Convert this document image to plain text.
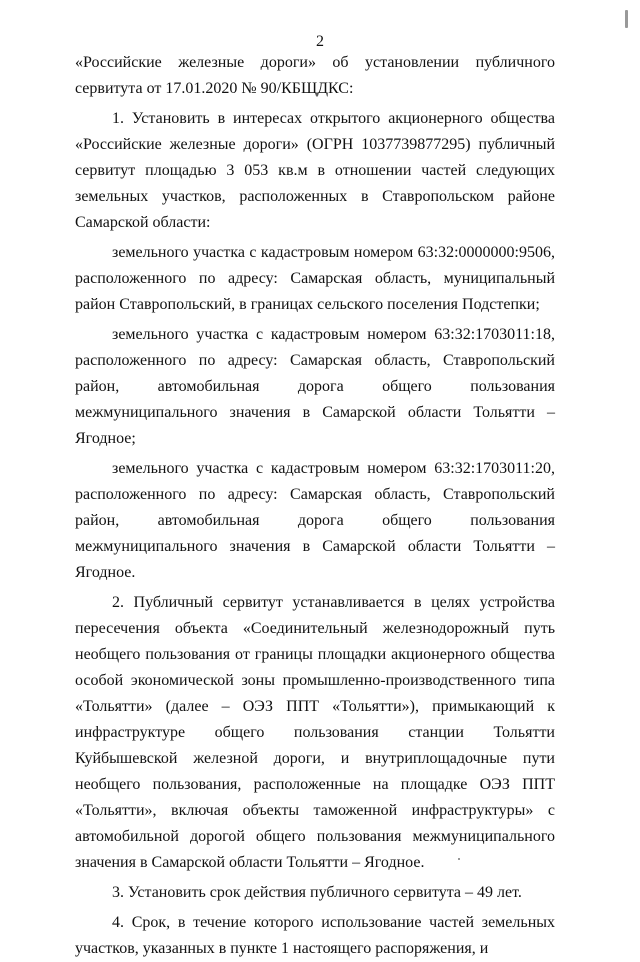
2

«Российские железные дороги» об установлении публичного сервитута от 17.01.2020 № 90/КБЩДКС:

1. Установить в интересах открытого акционерного общества «Российские железные дороги» (ОГРН 1037739877295) публичный сервитут площадью 3 053 кв.м в отношении частей следующих земельных участков, расположенных в Ставропольском районе Самарской области:

земельного участка с кадастровым номером 63:32:0000000:9506, расположенного по адресу: Самарская область, муниципальный район Ставропольский, в границах сельского поселения Подстепки;

земельного участка с кадастровым номером 63:32:1703011:18, расположенного по адресу: Самарская область, Ставропольский район, автомобильная дорога общего пользования межмуниципального значения в Самарской области Тольятти – Ягодное;

земельного участка с кадастровым номером 63:32:1703011:20, расположенного по адресу: Самарская область, Ставропольский район, автомобильная дорога общего пользования межмуниципального значения в Самарской области Тольятти – Ягодное.

2. Публичный сервитут устанавливается в целях устройства пересечения объекта «Соединительный железнодорожный путь необщего пользования от границы площадки акционерного общества особой экономической зоны промышленно-производственного типа «Тольятти» (далее – ОЭЗ ППТ «Тольятти»), примыкающий к инфраструктуре общего пользования станции Тольятти Куйбышевской железной дороги, и внутриплощадочные пути необщего пользования, расположенные на площадке ОЭЗ ППТ «Тольятти», включая объекты таможенной инфраструктуры» с автомобильной дорогой общего пользования межмуниципального значения в Самарской области Тольятти – Ягодное.

3. Установить срок действия публичного сервитута – 49 лет.

4. Срок, в течение которого использование частей земельных участков, указанных в пункте 1 настоящего распоряжения, и
